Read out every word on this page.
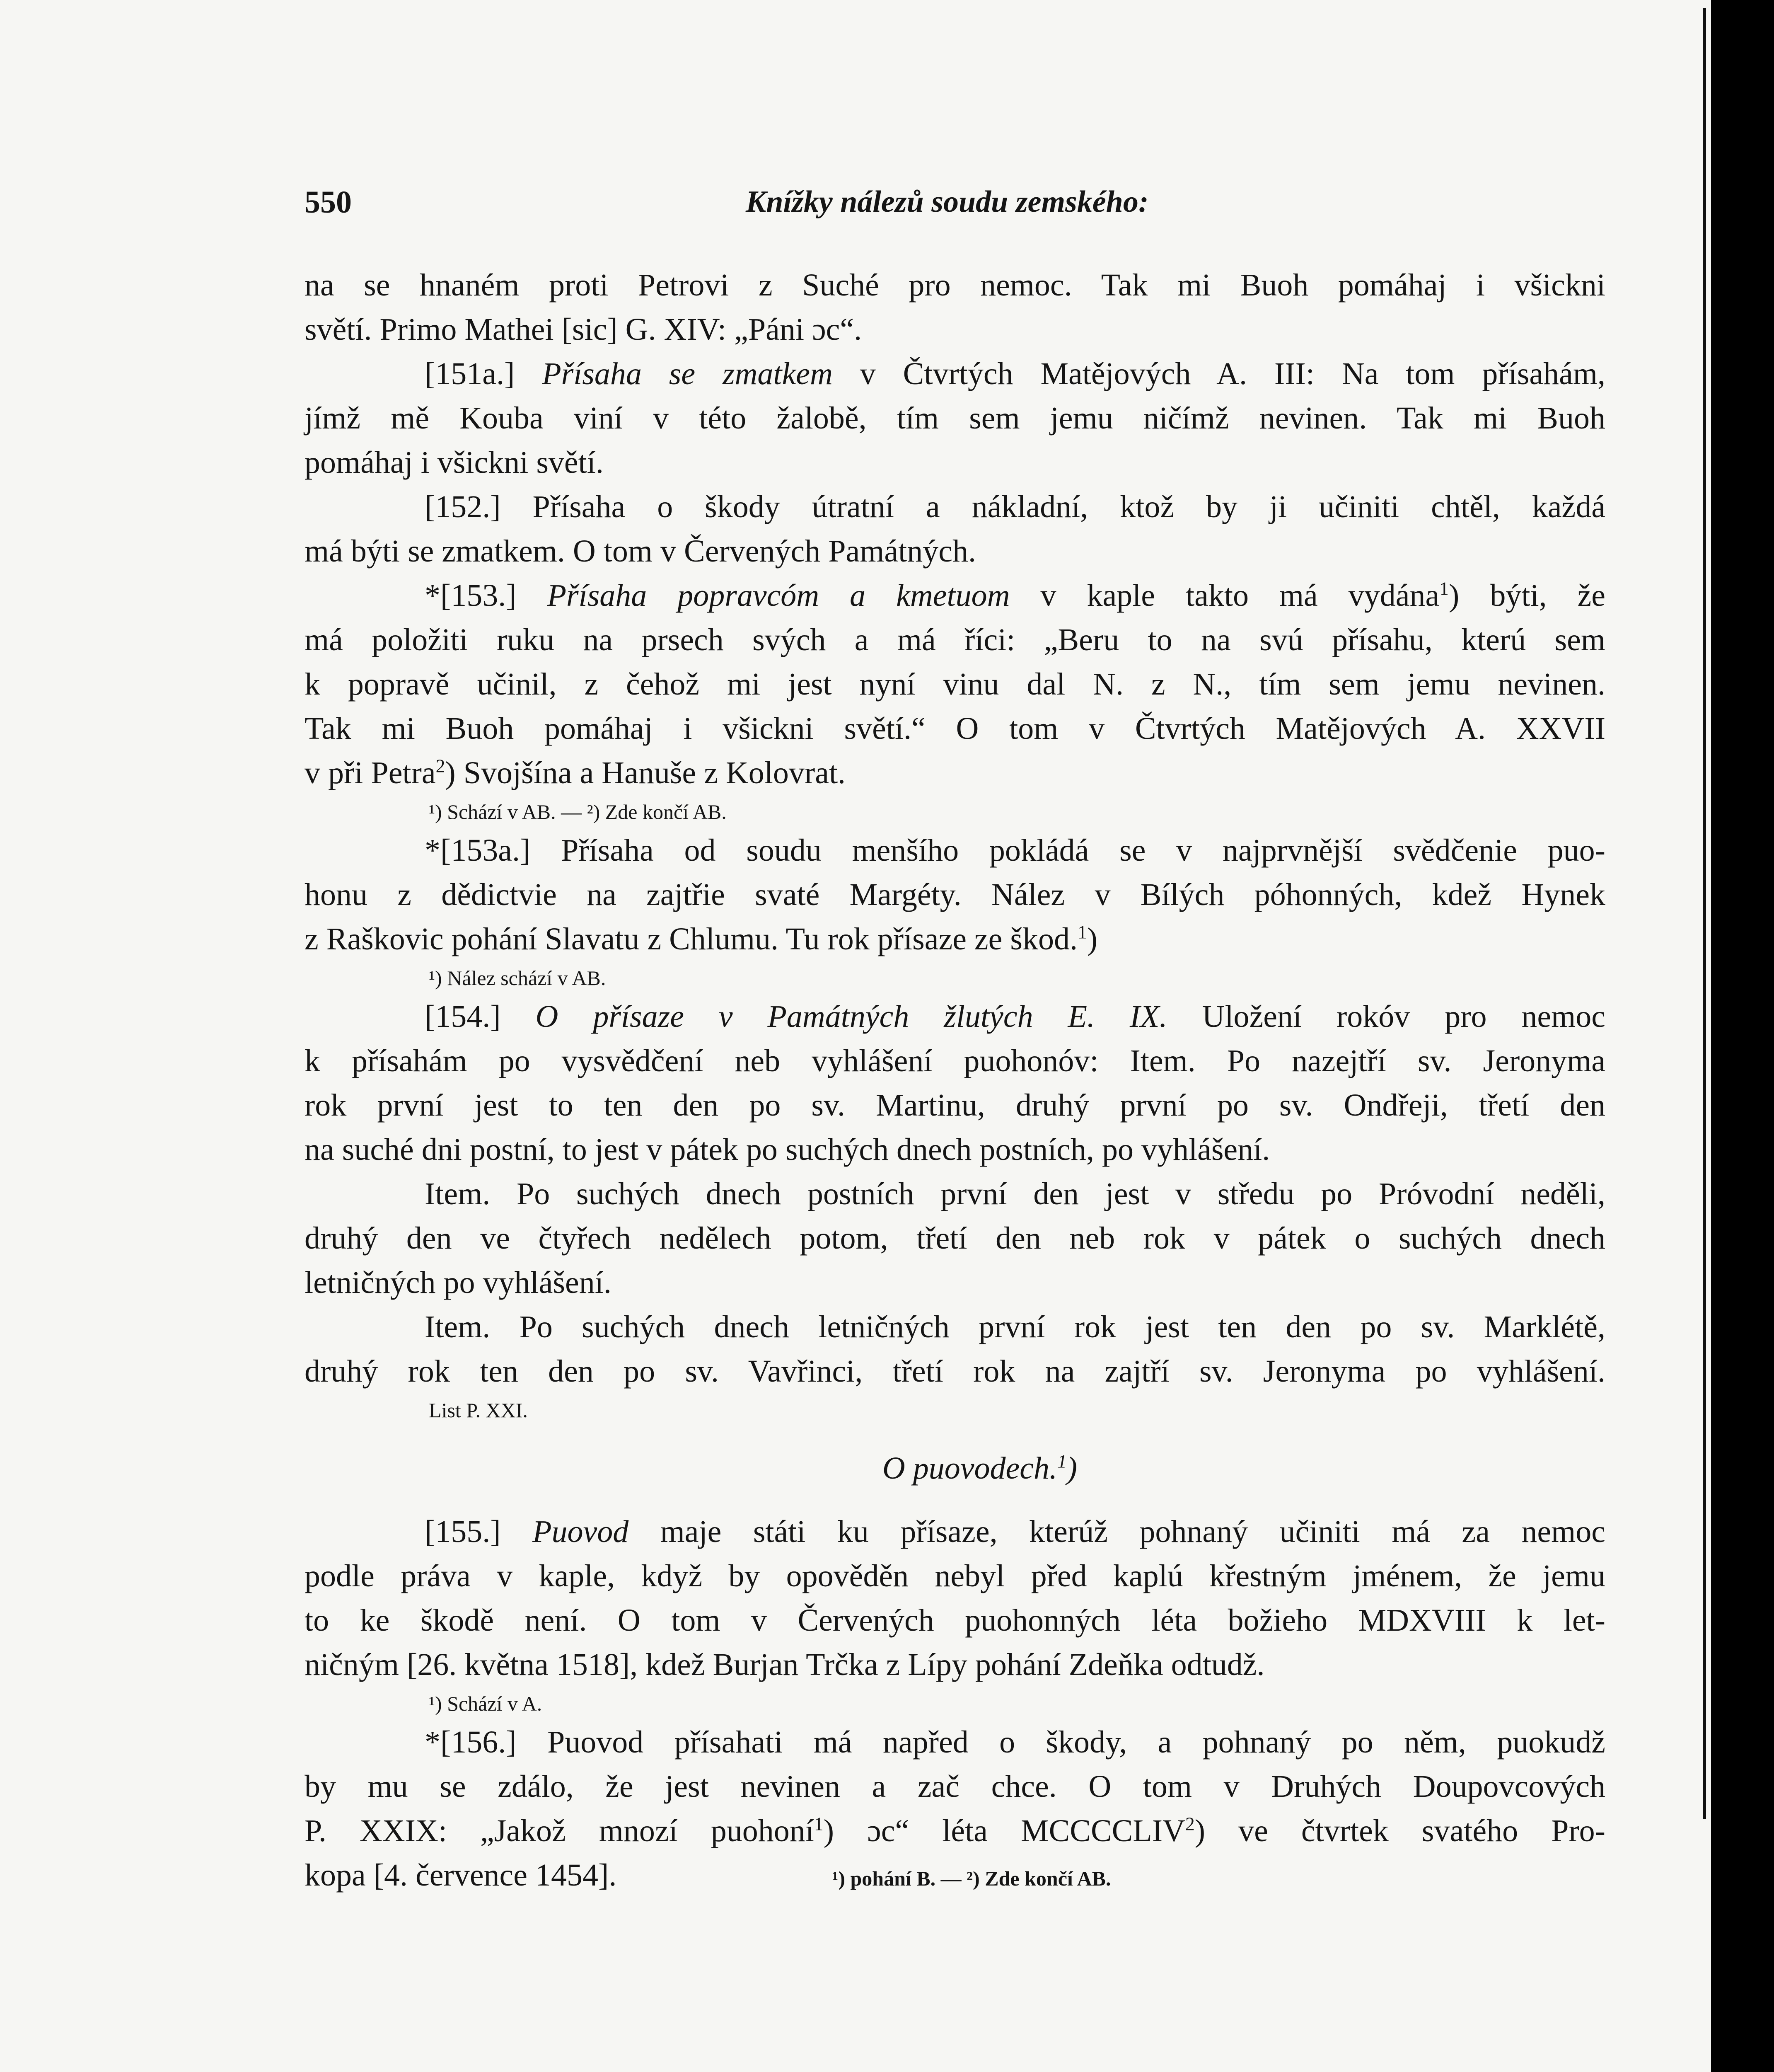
550	Knížky nálezů soudu zemského:
na se hnaném proti Petrovi z Suché pro nemoc. Tak mi Buoh pomáhaj i všickni
světí. Primo Mathei [sic] G. XIV: „Páni ɔc“.
[151a.] Přísaha se zmatkem v Čtvrtých Matějových A. III: Na tom přísahám,
jímž mě Kouba viní v této žalobě, tím sem jemu ničímž nevinen. Tak mi Buoh
pomáhaj i všickni světí.
[152.] Přísaha o škody útratní a nákladní, ktož by ji učiniti chtěl, každá
má býti se zmatkem. O tom v Červených Památných.
*[153.] Přísaha popravcóm a kmetuom v kaple takto má vydána$^1$) býti, že
má položiti ruku na prsech svých a má říci: „Beru to na svú přísahu, kterú sem
k popravě učinil, z čehož mi jest nyní vinu dal N. z N., tím sem jemu nevinen.
Tak mi Buoh pomáhaj i všickni světí.“ O tom v Čtvrtých Matějových A. XXVII
v při Petra$^2$) Svojšína a Hanuše z Kolovrat.
¹) Schází v AB. — ²) Zde končí AB.
*[153a.] Přísaha od soudu menšího pokládá se v najprvnější svědčenie puo-
honu z dědictvie na zajtřie svaté Margéty. Nález v Bílých póhonných, kdež Hynek
z Raškovic pohání Slavatu z Chlumu. Tu rok přísaze ze škod.$^1$)
¹) Nález schází v AB.
[154.] O přísaze v Památných žlutých E. IX. Uložení rokóv pro nemoc
k přísahám po vysvědčení neb vyhlášení puohonóv: Item. Po nazejtří sv. Jeronyma
rok první jest to ten den po sv. Martinu, druhý první po sv. Ondřeji, třetí den
na suché dni postní, to jest v pátek po suchých dnech postních, po vyhlášení.
Item. Po suchých dnech postních první den jest v středu po Próvodní neděli,
druhý den ve čtyřech nedělech potom, třetí den neb rok v pátek o suchých dnech
letničných po vyhlášení.
Item. Po suchých dnech letničných první rok jest ten den po sv. Marklétě,
druhý rok ten den po sv. Vavřinci, třetí rok na zajtří sv. Jeronyma po vyhlášení.
List P. XXI.
O puovodech.$^1$)
[155.] Puovod maje státi ku přísaze, kterúž pohnaný učiniti má za nemoc
podle práva v kaple, když by opověděn nebyl před kaplú křestným jménem, že jemu
to ke škodě není. O tom v Červených puohonných léta božieho MDXVIII k let-
ničným [26. května 1518], kdež Burjan Trčka z Lípy pohání Zdeňka odtudž.
¹) Schází v A.
*[156.] Puovod přísahati má napřed o škody, a pohnaný po něm, puokudž
by mu se zdálo, že jest nevinen a zač chce. O tom v Druhých Doupovcových
P. XXIX: „Jakož mnozí puohoní$^1$) ɔc“ léta MCCCCLIV$^2$) ve čtvrtek svatého Pro-
kopa [4. července 1454].	¹) pohání B. — ²) Zde končí AB.
